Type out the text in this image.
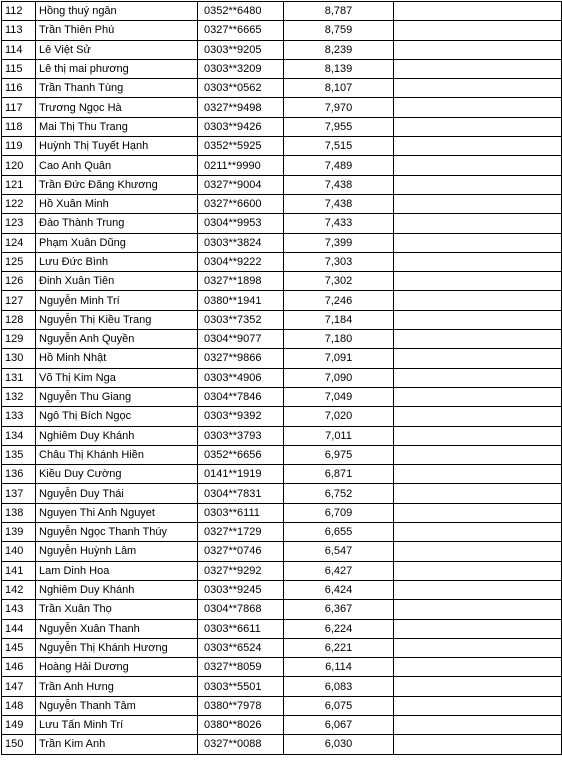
112	Hồng thuý ngân	0352**6480	8,787	
113	Trần Thiên Phú	0327**6665	8,759	
114	Lê Việt Sử	0303**9205	8,239	
115	Lê thị mai phương	0303**3209	8,139	
116	Trần Thanh Tùng	0303**0562	8,107	
117	Trương Ngọc Hà	0327**9498	7,970	
118	Mai Thị Thu Trang	0303**9426	7,955	
119	Huỳnh Thị Tuyết Hạnh	0352**5925	7,515	
120	Cao Anh Quân	0211**9990	7,489	
121	Trần Đức Đăng Khương	0327**9004	7,438	
122	Hồ Xuân Minh	0327**6600	7,438	
123	Đào Thành Trung	0304**9953	7,433	
124	Phạm Xuân Dũng	0303**3824	7,399	
125	Lưu Đức Bình	0304**9222	7,303	
126	Đinh Xuân Tiên	0327**1898	7,302	
127	Nguyễn Minh Trí	0380**1941	7,246	
128	Nguyễn Thị Kiều Trang	0303**7352	7,184	
129	Nguyễn Anh Quyền	0304**9077	7,180	
130	Hồ Minh Nhật	0327**9866	7,091	
131	Võ Thị Kim Nga	0303**4906	7,090	
132	Nguyễn Thu Giang	0304**7846	7,049	
133	Ngô Thị Bích Ngọc	0303**9392	7,020	
134	Nghiêm Duy Khánh	0303**3793	7,011	
135	Châu Thị Khánh Hiền	0352**6656	6,975	
136	Kiều Duy Cường	0141**1919	6,871	
137	Nguyễn Duy Thái	0304**7831	6,752	
138	Nguyen Thi Anh Nguyet	0303**6111	6,709	
139	Nguyễn Ngọc Thanh Thúy	0327**1729	6,655	
140	Nguyễn Huỳnh Lâm	0327**0746	6,547	
141	Lam Dinh Hoa	0327**9292	6,427	
142	Nghiêm Duy Khánh	0303**9245	6,424	
143	Trần Xuân Thọ	0304**7868	6,367	
144	Nguyễn Xuân Thanh	0303**6611	6,224	
145	Nguyễn Thị Khánh Hương	0303**6524	6,221	
146	Hoàng Hải Dương	0327**8059	6,114	
147	Trần Anh Hưng	0303**5501	6,083	
148	Nguyễn Thanh Tâm	0380**7978	6,075	
149	Lưu Tấn Minh Trí	0380**8026	6,067	
150	Trần Kim Anh	0327**0088	6,030	
